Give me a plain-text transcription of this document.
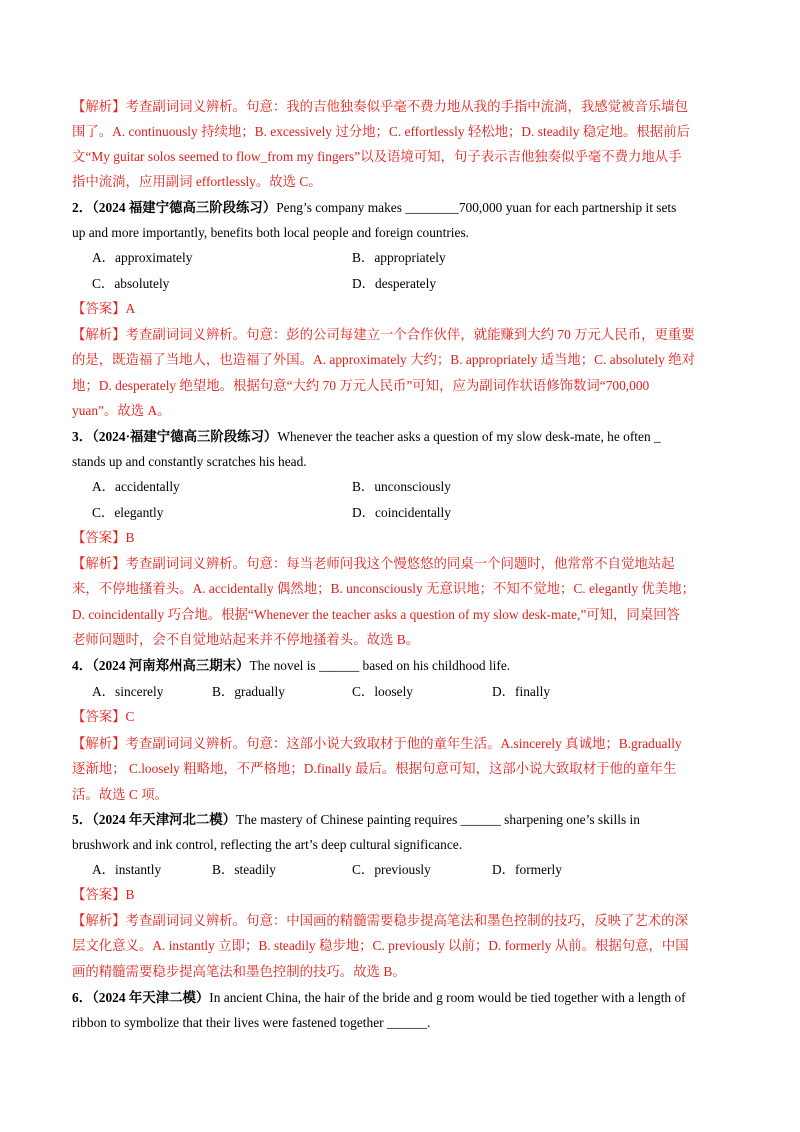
【解析】考查副词词义辨析。句意：我的吉他独奏似乎毫不费力地从我的手指中流淌，我感觉被音乐墙包
围了。A. continuously 持续地；B. excessively 过分地；C. effortlessly 轻松地；D. steadily 稳定地。根据前后
文“My guitar solos seemed to flow_from my fingers”以及语境可知，句子表示吉他独奏似乎毫不费力地从手
指中流淌，应用副词 effortlessly。故选 C。
2．（2024 福建宁德高三阶段练习）Peng’s company makes ________700,000 yuan for each partnership it sets
up and more importantly, benefits both local people and foreign countries.
A．approximately	B．appropriately
C．absolutely	D．desperately
【答案】A
【解析】考查副词词义辨析。句意：彭的公司每建立一个合作伙伴，就能赚到大约 70 万元人民币，更重要
的是，既造福了当地人，也造福了外国。A. approximately 大约；B. appropriately 适当地；C. absolutely 绝对
地；D. desperately 绝望地。根据句意“大约 70 万元人民币”可知，应为副词作状语修饰数词“700,000
yuan”。故选 A。
3．（2024·福建宁德高三阶段练习）Whenever the teacher asks a question of my slow desk-mate, he often _
stands up and constantly scratches his head.
A．accidentally	B．unconsciously
C．elegantly	D．coincidentally
【答案】B
【解析】考查副词词义辨析。句意：每当老师问我这个慢悠悠的同桌一个问题时，他常常不自觉地站起
来，不停地搔着头。A. accidentally 偶然地；B. unconsciously 无意识地；不知不觉地；C. elegantly 优美地；
D. coincidentally 巧合地。根据“Whenever the teacher asks a question of my slow desk-mate,”可知，同桌回答
老师问题时，会不自觉地站起来并不停地搔着头。故选 B。
4．（2024 河南郑州高三期末）The novel is ______ based on his childhood life.
A．sincerely	B．gradually	C．loosely	D．finally
【答案】C
【解析】考查副词词义辨析。句意：这部小说大致取材于他的童年生活。A.sincerely 真诚地；B.gradually
逐渐地； C.loosely 粗略地，不严格地；D.finally 最后。根据句意可知，这部小说大致取材于他的童年生
活。故选 C 项。
5．（2024 年天津河北二模）The mastery of Chinese painting requires ______ sharpening one’s skills in
brushwork and ink control, reflecting the art’s deep cultural significance.
A．instantly	B．steadily	C．previously	D．formerly
【答案】B
【解析】考查副词词义辨析。句意：中国画的精髓需要稳步提高笔法和墨色控制的技巧，反映了艺术的深
层文化意义。A. instantly 立即；B. steadily 稳步地；C. previously 以前；D. formerly 从前。根据句意，中国
画的精髓需要稳步提高笔法和墨色控制的技巧。故选 B。
6．（2024 年天津二模）In ancient China, the hair of the bride and g room would be tied together with a length of
ribbon to symbolize that their lives were fastened together ______.
